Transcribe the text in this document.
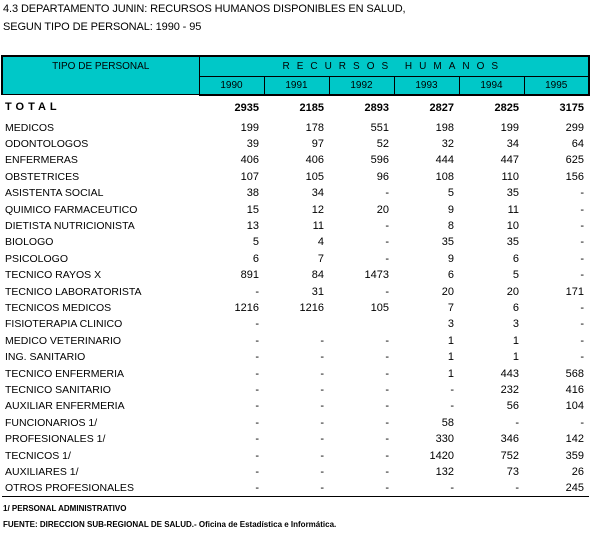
4.3 DEPARTAMENTO JUNIN: RECURSOS HUMANOS DISPONIBLES EN SALUD,
SEGUN TIPO DE PERSONAL: 1990 - 95
TIPO DE PERSONAL	RECURSOS HUMANOS					
	1990	1991	1992	1993	1994	1995
TOTAL	2935	2185	2893	2827	2825	3175
MEDICOS	199	178	551	198	199	299
ODONTOLOGOS	39	97	52	32	34	64
ENFERMERAS	406	406	596	444	447	625
OBSTETRICES	107	105	96	108	110	156
ASISTENTA SOCIAL	38	34	-	5	35	-
QUIMICO FARMACEUTICO	15	12	20	9	11	-
DIETISTA NUTRICIONISTA	13	11	-	8	10	-
BIOLOGO	5	4	-	35	35	-
PSICOLOGO	6	7	-	9	6	-
TECNICO RAYOS X	891	84	1473	6	5	-
TECNICO LABORATORISTA	-	31	-	20	20	171
TECNICOS MEDICOS	1216	1216	105	7	6	-
FISIOTERAPIA CLINICO	-			3	3	-
MEDICO VETERINARIO	-	-	-	1	1	-
ING. SANITARIO	-	-	-	1	1	-
TECNICO ENFERMERIA	-	-	-	1	443	568
TECNICO SANITARIO	-	-	-	-	232	416
AUXILIAR ENFERMERIA	-	-	-	-	56	104
FUNCIONARIOS 1/	-	-	-	58	-	-
PROFESIONALES 1/	-	-	-	330	346	142
TECNICOS 1/	-	-	-	1420	752	359
AUXILIARES 1/	-	-	-	132	73	26
OTROS PROFESIONALES	-	-	-	-	-	245
1/ PERSONAL ADMINISTRATIVO
FUENTE: DIRECCION SUB-REGIONAL DE SALUD.- Oficina de Estadística e Informática.
